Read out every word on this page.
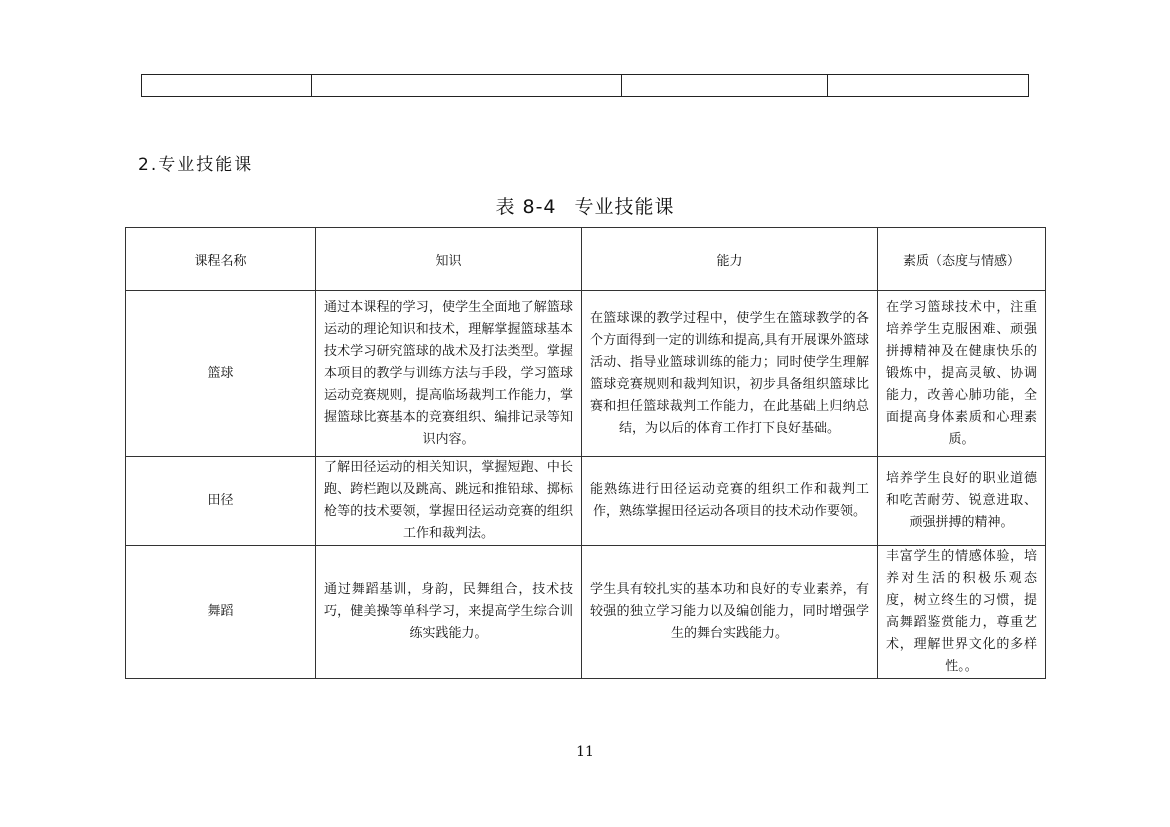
2.专业技能课
表 8-4 专业技能课
课程名称	知识	能力	素质（态度与情感）
篮球	通过本课程的学习，使学生全面地了解篮球运动的理论知识和技术，理解掌握篮球基本技术学习研究篮球的战术及打法类型。掌握本项目的教学与训练方法与手段，学习篮球运动竞赛规则，提高临场裁判工作能力，掌握篮球比赛基本的竞赛组织、编排记录等知识内容。	在篮球课的教学过程中，使学生在篮球教学的各个方面得到一定的训练和提高,具有开展课外篮球活动、指导业篮球训练的能力；同时使学生理解篮球竞赛规则和裁判知识，初步具备组织篮球比赛和担任篮球裁判工作能力，在此基础上归纳总结，为以后的体育工作打下良好基础。	在学习篮球技术中，注重培养学生克服困难、顽强拼搏精神及在健康快乐的锻炼中，提高灵敏、协调能力，改善心肺功能，全面提高身体素质和心理素质。
田径	了解田径运动的相关知识，掌握短跑、中长跑、跨栏跑以及跳高、跳远和推铅球、掷标枪等的技术要领，掌握田径运动竞赛的组织工作和裁判法。	能熟练进行田径运动竞赛的组织工作和裁判工作，熟练掌握田径运动各项目的技术动作要领。	培养学生良好的职业道德和吃苦耐劳、锐意进取、顽强拼搏的精神。
舞蹈	通过舞蹈基训，身韵，民舞组合，技术技巧，健美操等单科学习，来提高学生综合训练实践能力。	学生具有较扎实的基本功和良好的专业素养，有较强的独立学习能力以及编创能力，同时增强学生的舞台实践能力。	丰富学生的情感体验，培养对生活的积极乐观态度，树立终生的习惯，提高舞蹈鉴赏能力，尊重艺术，理解世界文化的多样性。。
11
